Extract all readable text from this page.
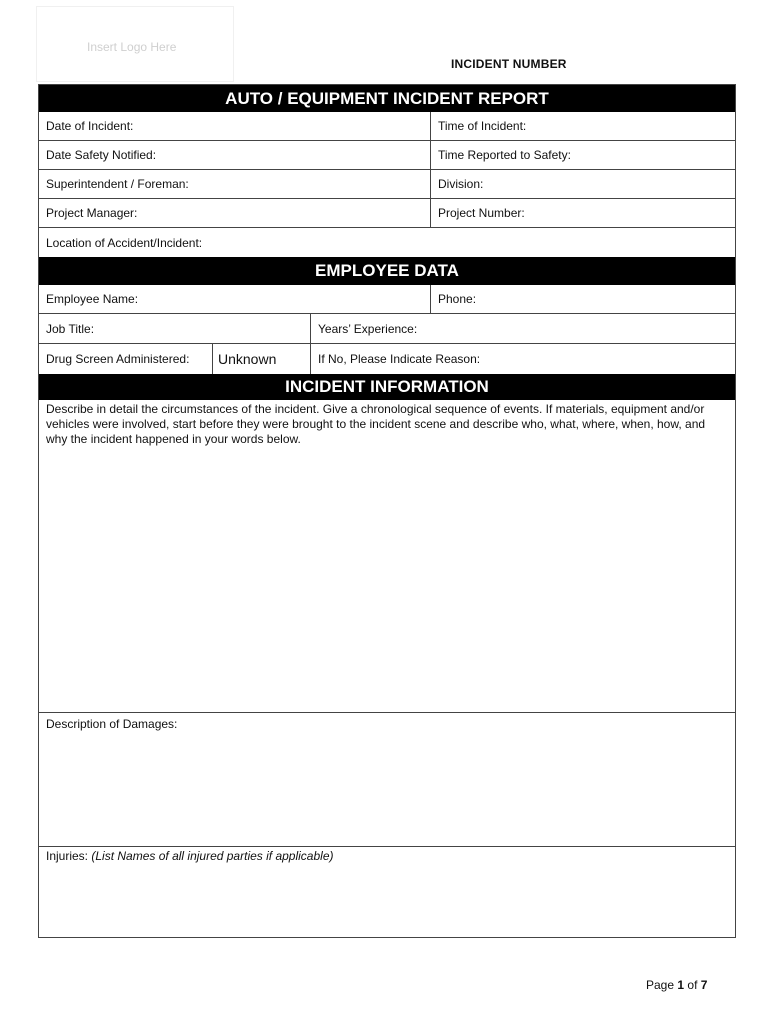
Insert Logo Here
INCIDENT NUMBER
AUTO / EQUIPMENT INCIDENT REPORT
Date of Incident:	Time of Incident:
Date Safety Notified:	Time Reported to Safety:
Superintendent / Foreman:	Division:
Project Manager:	Project Number:
Location of Accident/Incident:
EMPLOYEE DATA
Employee Name:	Phone:
Job Title:	Years’ Experience:
Drug Screen Administered:	Unknown	If No, Please Indicate Reason:
INCIDENT INFORMATION
Describe in detail the circumstances of the incident. Give a chronological sequence of events. If materials, equipment and/or vehicles were involved, start before they were brought to the incident scene and describe who, what, where, when, how, and why the incident happened in your words below.
Description of Damages:
Injuries: (List Names of all injured parties if applicable)
Page 1 of 7
